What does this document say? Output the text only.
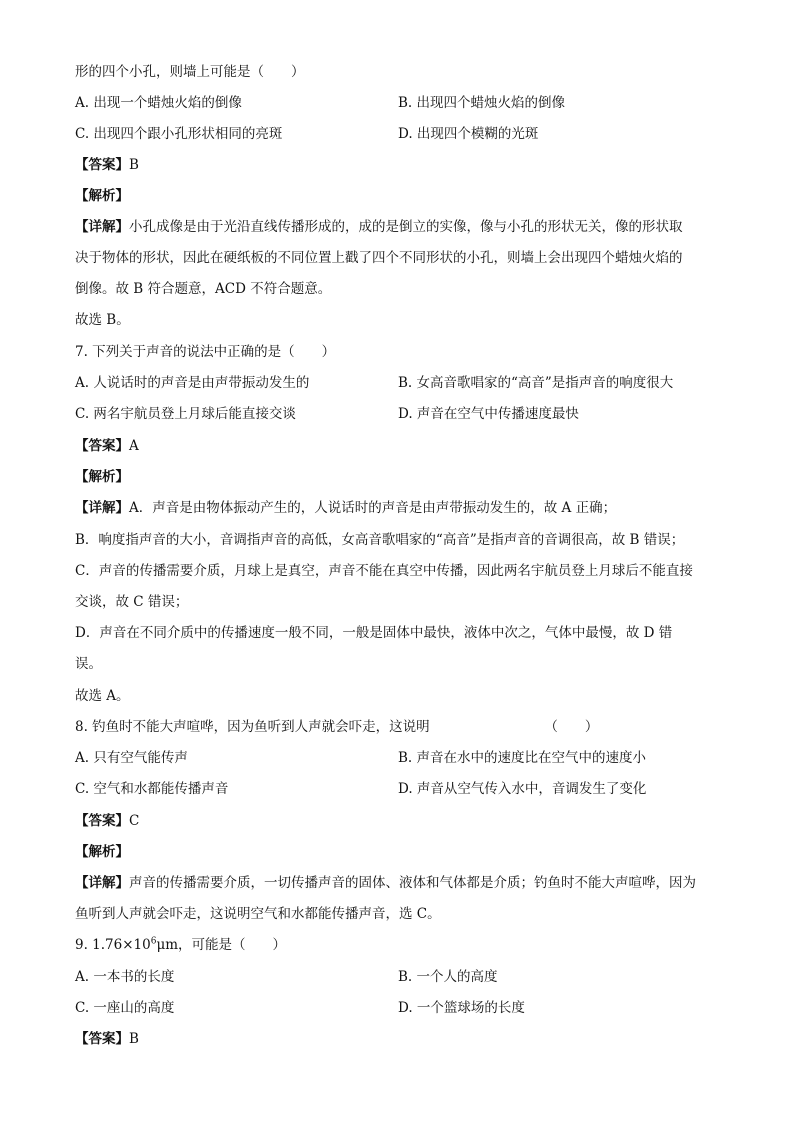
形的四个小孔，则墙上可能是（　　）
A. 出现一个蜡烛火焰的倒像	B. 出现四个蜡烛火焰的倒像
C. 出现四个跟小孔形状相同的亮斑	D. 出现四个模糊的光斑
【答案】B
【解析】
【详解】小孔成像是由于光沿直线传播形成的，成的是倒立的实像，像与小孔的形状无关，像的形状取
决于物体的形状，因此在硬纸板的不同位置上戳了四个不同形状的小孔，则墙上会出现四个蜡烛火焰的
倒像。故 B 符合题意，ACD 不符合题意。
故选 B。
7. 下列关于声音的说法中正确的是（　　）
A. 人说话时的声音是由声带振动发生的	B. 女高音歌唱家的“高音”是指声音的响度很大
C. 两名宇航员登上月球后能直接交谈	D. 声音在空气中传播速度最快
【答案】A
【解析】
【详解】A．声音是由物体振动产生的，人说话时的声音是由声带振动发生的，故 A 正确；
B．响度指声音的大小，音调指声音的高低，女高音歌唱家的“高音”是指声音的音调很高，故 B 错误；
C．声音的传播需要介质，月球上是真空，声音不能在真空中传播，因此两名宇航员登上月球后不能直接
交谈，故 C 错误；
D．声音在不同介质中的传播速度一般不同，一般是固体中最快，液体中次之，气体中最慢，故 D 错
误。
故选 A。
8. 钓鱼时不能大声喧哗，因为鱼听到人声就会吓走，这说明　　　　　　　　　（　　）
A. 只有空气能传声	B. 声音在水中的速度比在空气中的速度小
C. 空气和水都能传播声音	D. 声音从空气传入水中，音调发生了变化
【答案】C
【解析】
【详解】声音的传播需要介质，一切传播声音的固体、液体和气体都是介质；钓鱼时不能大声喧哗，因为
鱼听到人声就会吓走，这说明空气和水都能传播声音，选 C。
9. $1.76\times 10^6\mu m$，可能是（　　）
A. 一本书的长度	B. 一个人的高度
C. 一座山的高度	D. 一个篮球场的长度
【答案】B
